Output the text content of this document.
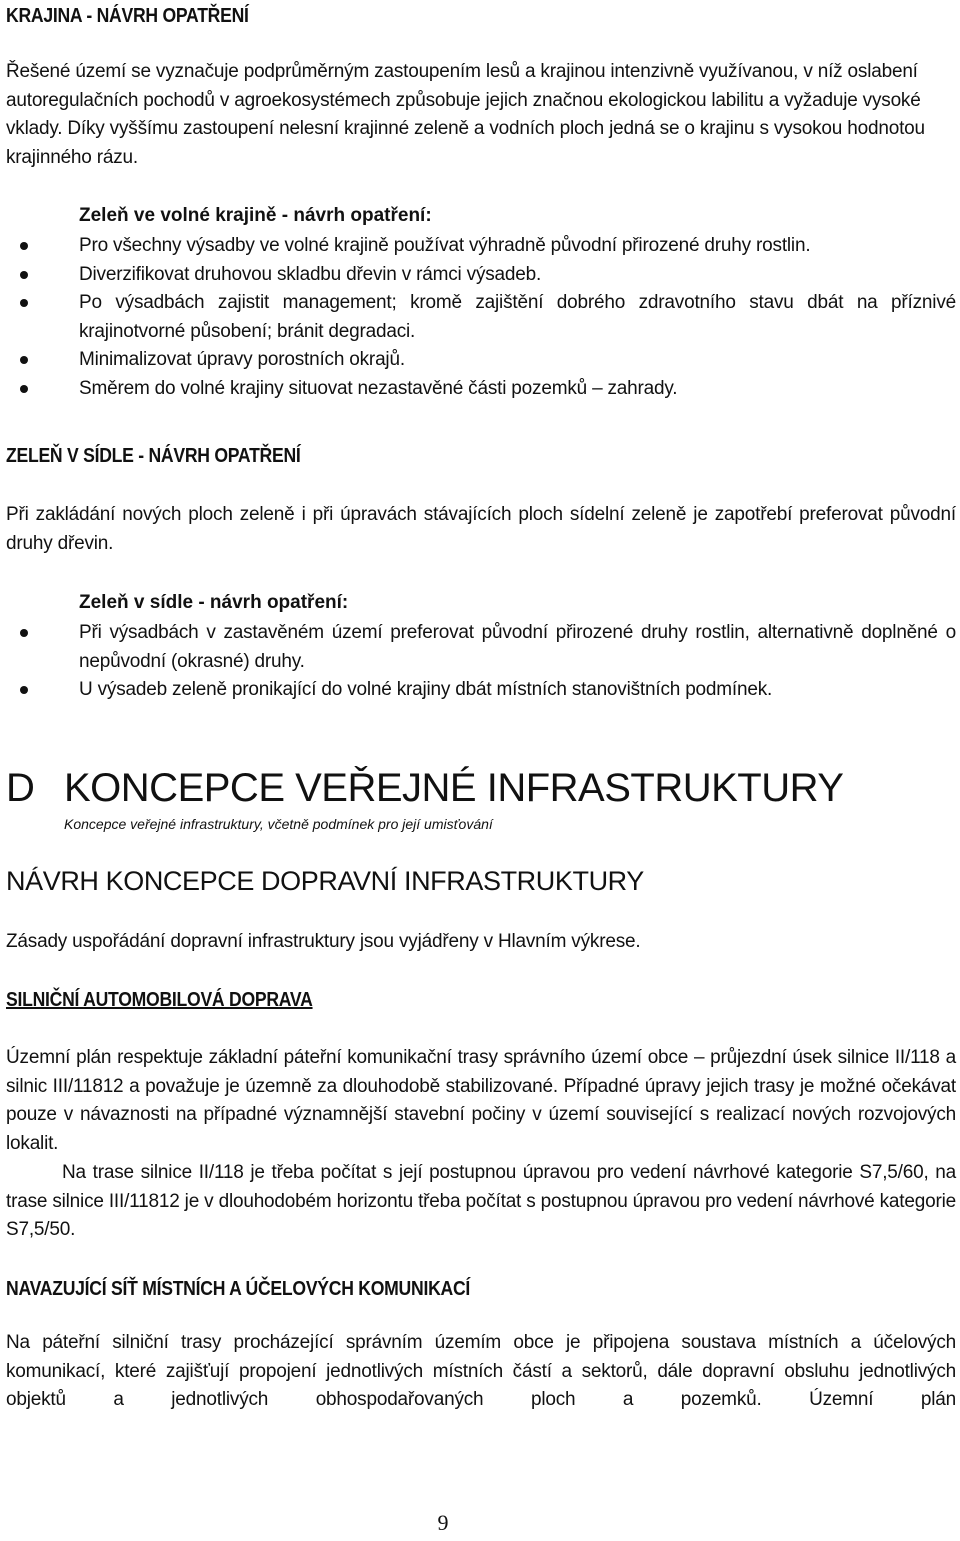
KRAJINA - NÁVRH OPATŘENÍ

Řešené území se vyznačuje podprůměrným zastoupením lesů a krajinou intenzivně využívanou, v níž oslabení autoregulačních pochodů v agroekosystémech způsobuje jejich značnou ekologickou labilitu a vyžaduje vysoké vklady. Díky vyššímu zastoupení nelesní krajinné zeleně a vodních ploch jedná se o krajinu s vysokou hodnotou krajinného rázu.

Zeleň ve volné krajině - návrh opatření:
Pro všechny výsadby ve volné krajině používat výhradně původní přirozené druhy rostlin.
Diverzifikovat druhovou skladbu dřevin v rámci výsadeb.
Po výsadbách zajistit management; kromě zajištění dobrého zdravotního stavu dbát na příznivé krajinotvorné působení; bránit degradaci.
Minimalizovat úpravy porostních okrajů.
Směrem do volné krajiny situovat nezastavěné části pozemků – zahrady.
ZELEŇ V SÍDLE - NÁVRH OPATŘENÍ

Při zakládání nových ploch zeleně i při úpravách stávajících ploch sídelní zeleně je zapotřebí preferovat původní druhy dřevin.

Zeleň v sídle - návrh opatření:
Při výsadbách v zastavěném území preferovat původní přirozené druhy rostlin, alternativně doplněné o nepůvodní (okrasné) druhy.
U výsadeb zeleně pronikající do volné krajiny dbát místních stanovištních podmínek.
D KONCEPCE VEŘEJNÉ INFRASTRUKTURY
Koncepce veřejné infrastruktury, včetně podmínek pro její umisťování
NÁVRH KONCEPCE DOPRAVNÍ INFRASTRUKTURY

Zásady uspořádání dopravní infrastruktury jsou vyjádřeny v Hlavním výkrese.

SILNIČNÍ AUTOMOBILOVÁ DOPRAVA

Územní plán respektuje základní páteřní komunikační trasy správního území obce – průjezdní úsek silnice II/118 a silnic III/11812 a považuje je územně za dlouhodobě stabilizované. Případné úpravy jejich trasy je možné očekávat pouze v návaznosti na případné významnější stavební počiny v území související s realizací nových rozvojových lokalit.

Na trase silnice II/118 je třeba počítat s její postupnou úpravou pro vedení návrhové kategorie S7,5/60, na trase silnice III/11812 je v dlouhodobém horizontu třeba počítat s postupnou úpravou pro vedení návrhové kategorie S7,5/50.

NAVAZUJÍCÍ SÍŤ MÍSTNÍCH A ÚČELOVÝCH KOMUNIKACÍ

Na páteřní silniční trasy procházející správním územím obce je připojena soustava místních a účelových komunikací, které zajišťují propojení jednotlivých místních částí a sektorů, dále dopravní obsluhu jednotlivých objektů a jednotlivých obhospodařovaných ploch a pozemků. Územní plán

9
